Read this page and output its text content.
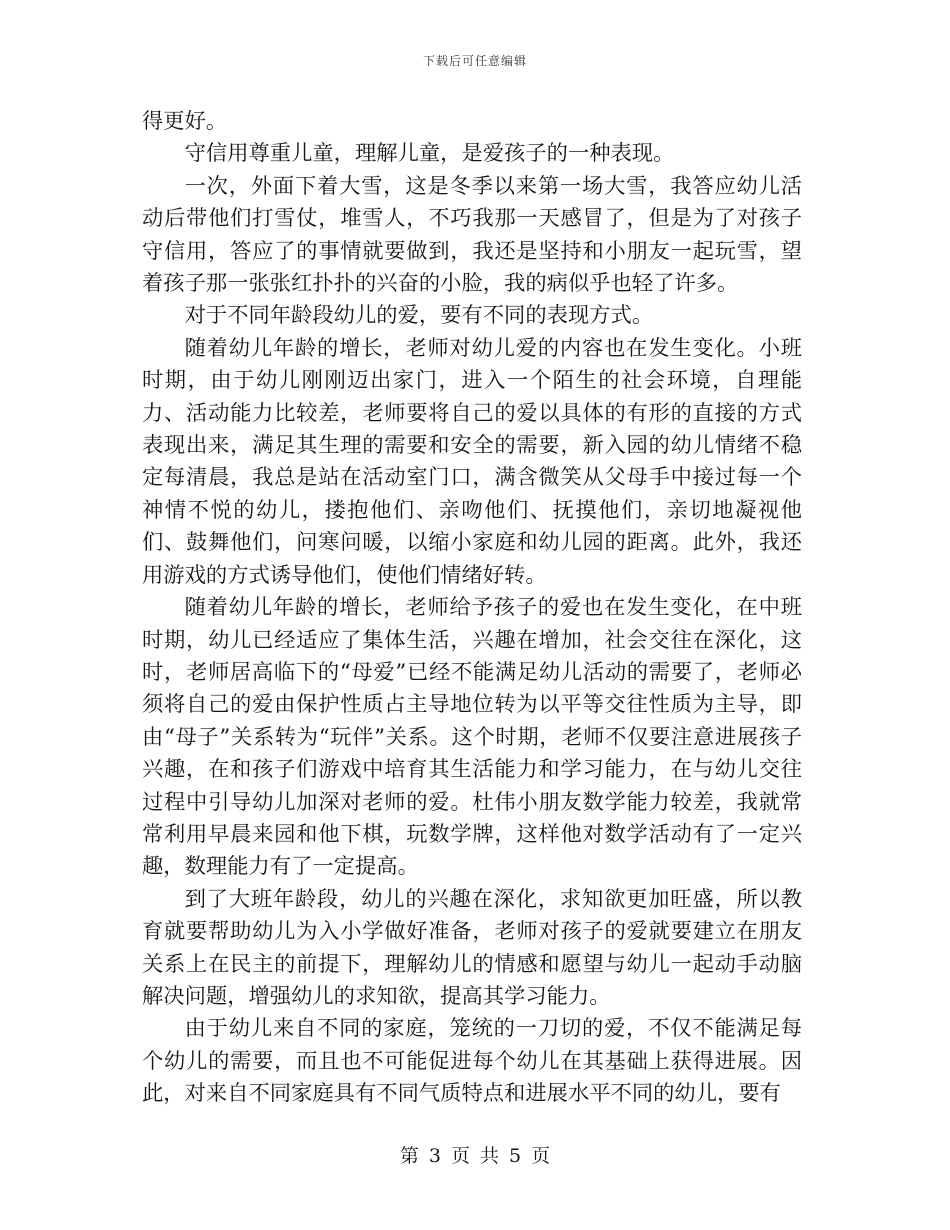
下载后可任意编辑

得更好。

守信用尊重儿童，理解儿童，是爱孩子的一种表现。

一次，外面下着大雪，这是冬季以来第一场大雪，我答应幼儿活动后带他们打雪仗，堆雪人，不巧我那一天感冒了，但是为了对孩子守信用，答应了的事情就要做到，我还是坚持和小朋友一起玩雪，望着孩子那一张张红扑扑的兴奋的小脸，我的病似乎也轻了许多。

对于不同年龄段幼儿的爱，要有不同的表现方式。

随着幼儿年龄的增长，老师对幼儿爱的内容也在发生变化。小班时期，由于幼儿刚刚迈出家门，进入一个陌生的社会环境，自理能力、活动能力比较差，老师要将自己的爱以具体的有形的直接的方式表现出来，满足其生理的需要和安全的需要，新入园的幼儿情绪不稳定每清晨，我总是站在活动室门口，满含微笑从父母手中接过每一个神情不悦的幼儿，搂抱他们、亲吻他们、抚摸他们，亲切地凝视他们、鼓舞他们，问寒问暖，以缩小家庭和幼儿园的距离。此外，我还用游戏的方式诱导他们，使他们情绪好转。

随着幼儿年龄的增长，老师给予孩子的爱也在发生变化，在中班时期，幼儿已经适应了集体生活，兴趣在增加，社会交往在深化，这时，老师居高临下的“母爱”已经不能满足幼儿活动的需要了，老师必须将自己的爱由保护性质占主导地位转为以平等交往性质为主导，即由“母子”关系转为“玩伴”关系。这个时期，老师不仅要注意进展孩子兴趣，在和孩子们游戏中培育其生活能力和学习能力，在与幼儿交往过程中引导幼儿加深对老师的爱。杜伟小朋友数学能力较差，我就常常利用早晨来园和他下棋，玩数学牌，这样他对数学活动有了一定兴趣，数理能力有了一定提高。

到了大班年龄段，幼儿的兴趣在深化，求知欲更加旺盛，所以教育就要帮助幼儿为入小学做好准备，老师对孩子的爱就要建立在朋友关系上在民主的前提下，理解幼儿的情感和愿望与幼儿一起动手动脑解决问题，增强幼儿的求知欲，提高其学习能力。

由于幼儿来自不同的家庭，笼统的一刀切的爱，不仅不能满足每个幼儿的需要，而且也不可能促进每个幼儿在其基础上获得进展。因此，对来自不同家庭具有不同气质特点和进展水平不同的幼儿，要有

第 3 页 共 5 页
